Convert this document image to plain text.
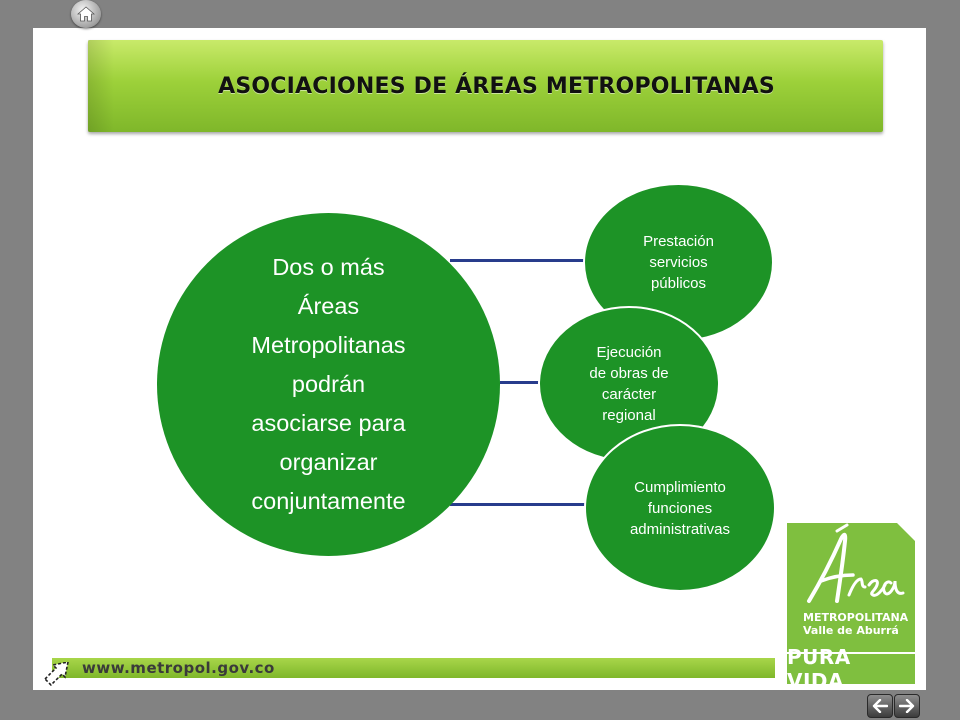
ASOCIACIONES DE ÁREAS METROPOLITANAS
Dos o más
Áreas
Metropolitanas
podrán
asociarse para
organizar
conjuntamente
Prestación
servicios
públicos
Ejecución
de obras de
carácter
regional
Cumplimiento
funciones
administrativas
www.metropol.gov.co
METROPOLITANA
Valle de Aburrá
PURA VIDA
